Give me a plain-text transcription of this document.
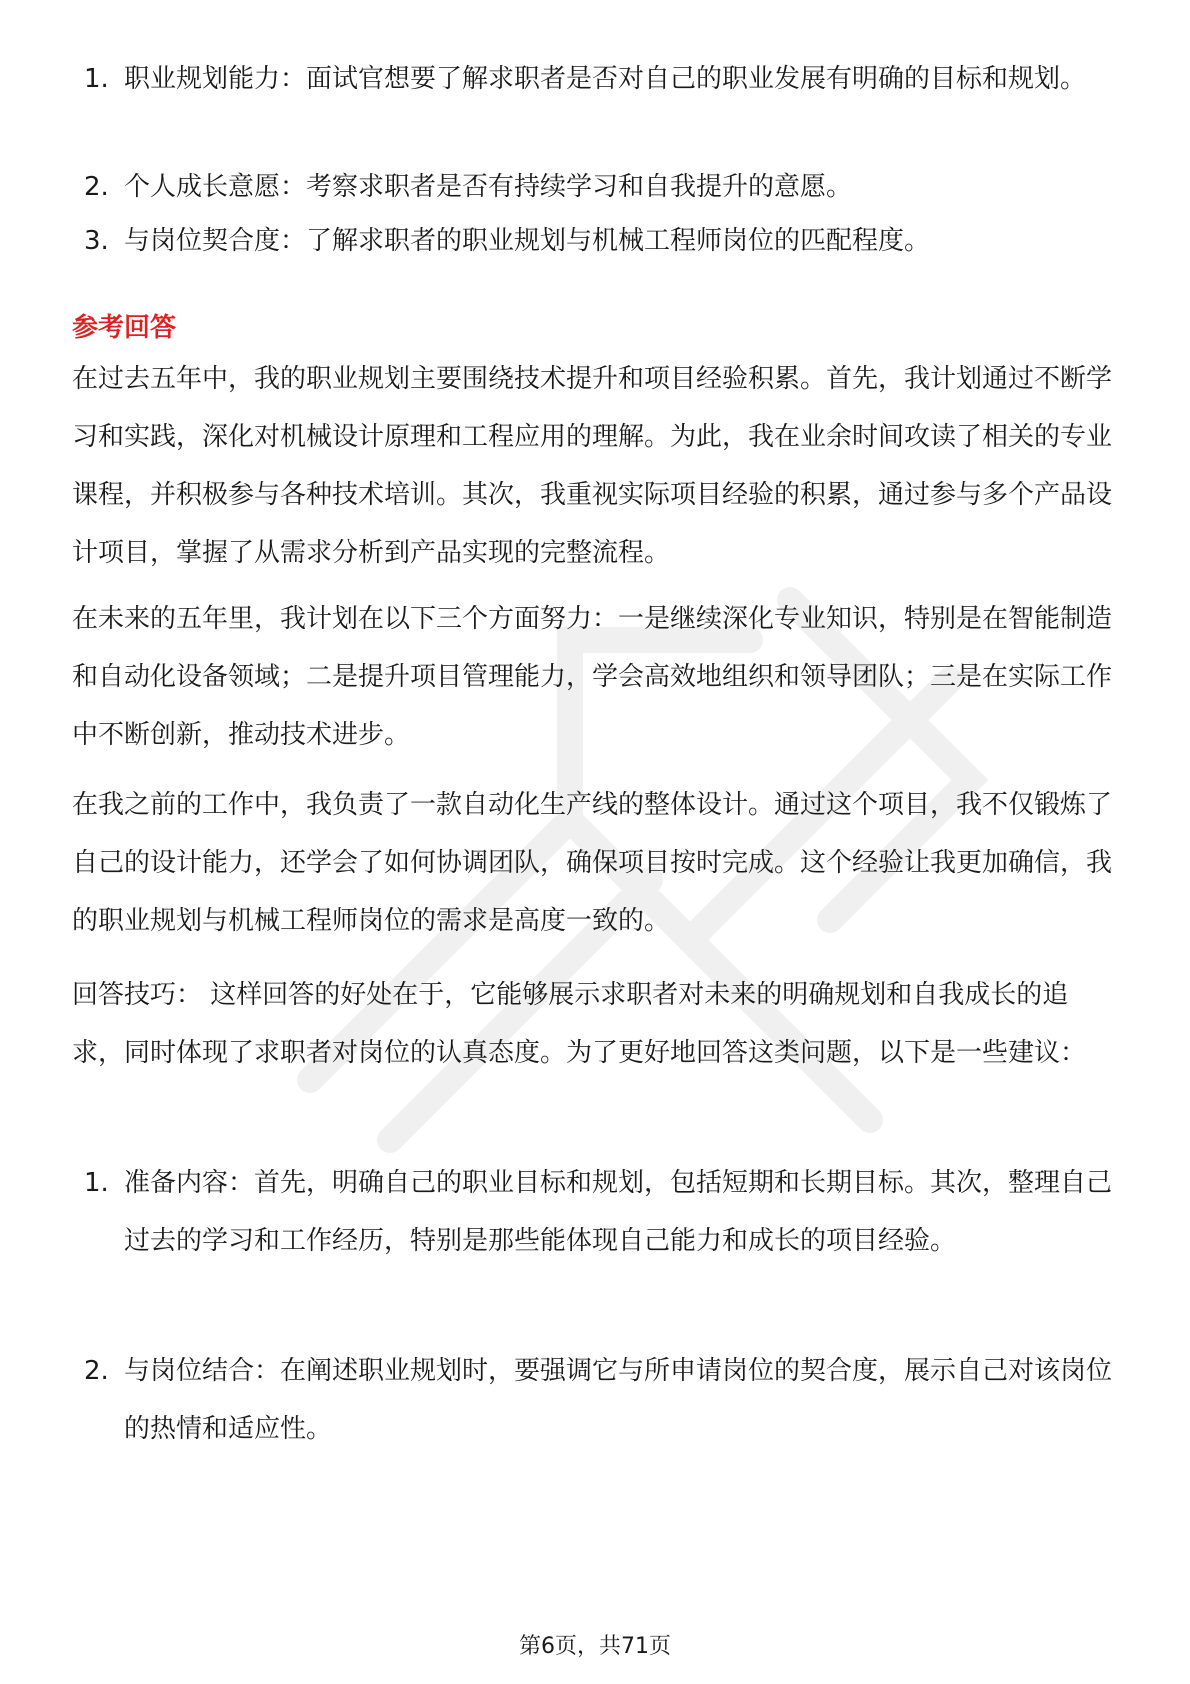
1. 职业规划能力：面试官想要了解求职者是否对自己的职业发展有明确的目标和规划。
2. 个人成长意愿：考察求职者是否有持续学习和自我提升的意愿。
3. 与岗位契合度：了解求职者的职业规划与机械工程师岗位的匹配程度。
参考回答
在过去五年中，我的职业规划主要围绕技术提升和项目经验积累。首先，我计划通过不断学习和实践，深化对机械设计原理和工程应用的理解。为此，我在业余时间攻读了相关的专业课程，并积极参与各种技术培训。其次，我重视实际项目经验的积累，通过参与多个产品设计项目，掌握了从需求分析到产品实现的完整流程。
在未来的五年里，我计划在以下三个方面努力：一是继续深化专业知识，特别是在智能制造和自动化设备领域；二是提升项目管理能力，学会高效地组织和领导团队；三是在实际工作中不断创新，推动技术进步。
在我之前的工作中，我负责了一款自动化生产线的整体设计。通过这个项目，我不仅锻炼了自己的设计能力，还学会了如何协调团队，确保项目按时完成。这个经验让我更加确信，我的职业规划与机械工程师岗位的需求是高度一致的。
回答技巧： 这样回答的好处在于，它能够展示求职者对未来的明确规划和自我成长的追求，同时体现了求职者对岗位的认真态度。为了更好地回答这类问题，以下是一些建议：
1. 准备内容：首先，明确自己的职业目标和规划，包括短期和长期目标。其次，整理自己过去的学习和工作经历，特别是那些能体现自己能力和成长的项目经验。
2. 与岗位结合：在阐述职业规划时，要强调它与所申请岗位的契合度，展示自己对该岗位的热情和适应性。
第6页，共71页
